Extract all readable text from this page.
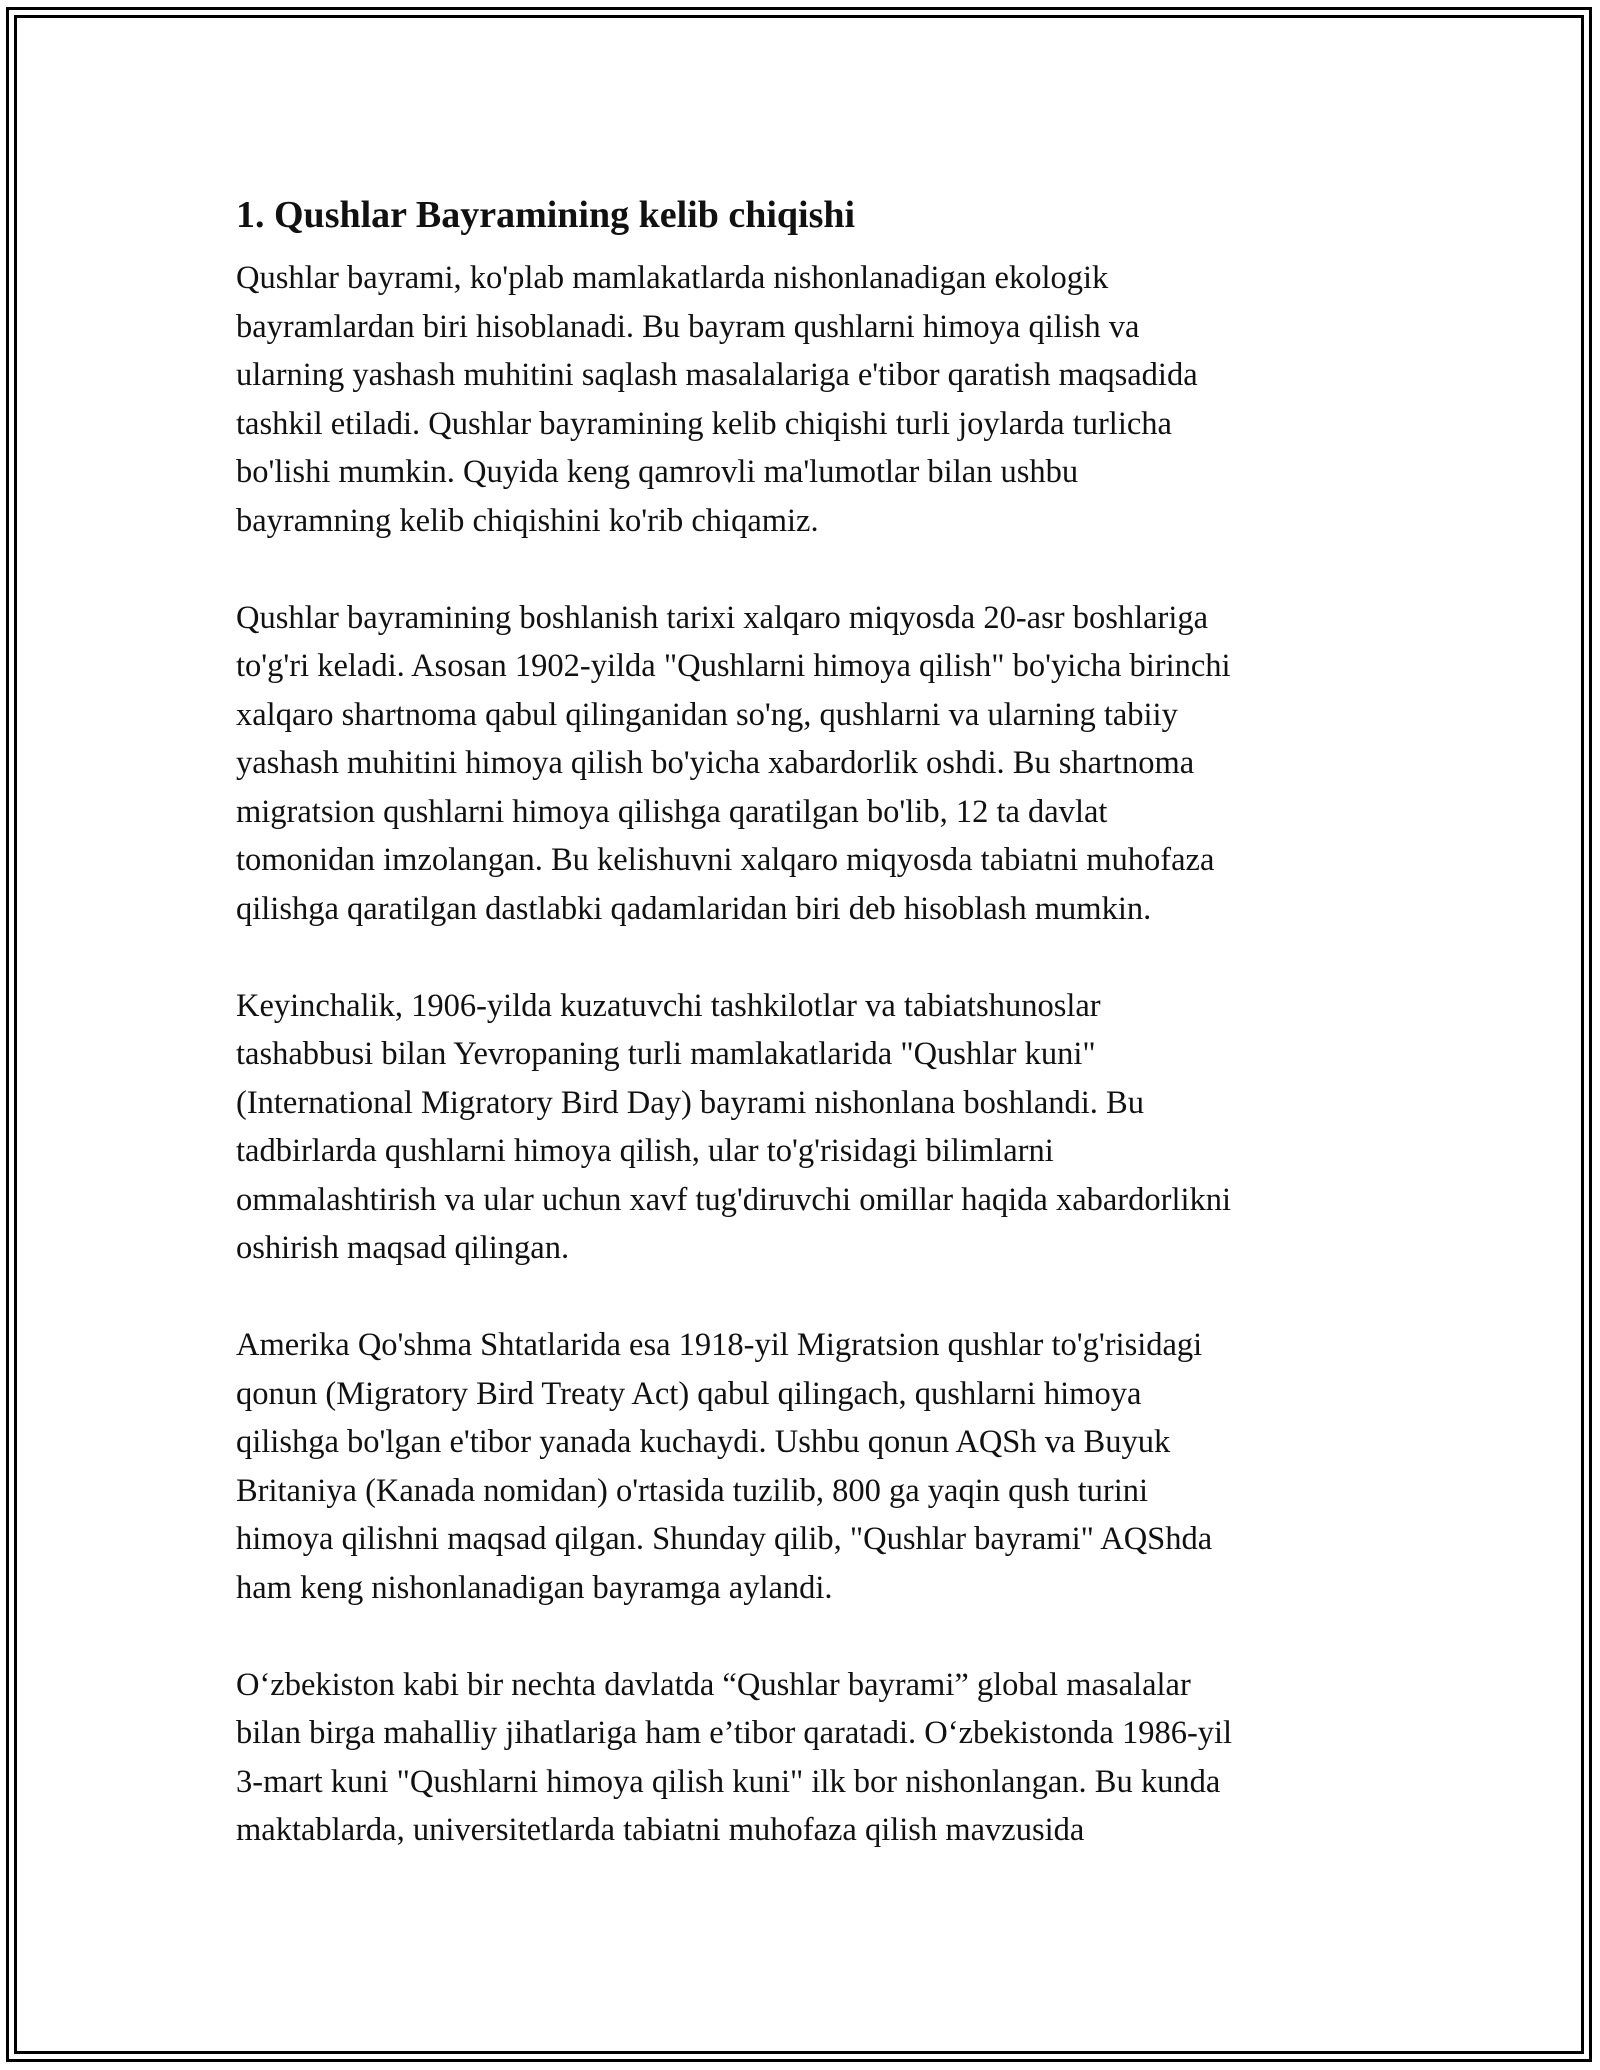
1. Qushlar Bayramining kelib chiqishi
Qushlar bayrami, ko'plab mamlakatlarda nishonlanadigan ekologik
bayramlardan biri hisoblanadi. Bu bayram qushlarni himoya qilish va
ularning yashash muhitini saqlash masalalariga e'tibor qaratish maqsadida
tashkil etiladi. Qushlar bayramining kelib chiqishi turli joylarda turlicha
bo'lishi mumkin. Quyida keng qamrovli ma'lumotlar bilan ushbu
bayramning kelib chiqishini ko'rib chiqamiz.
Qushlar bayramining boshlanish tarixi xalqaro miqyosda 20-asr boshlariga
to'g'ri keladi. Asosan 1902-yilda "Qushlarni himoya qilish" bo'yicha birinchi
xalqaro shartnoma qabul qilinganidan so'ng, qushlarni va ularning tabiiy
yashash muhitini himoya qilish bo'yicha xabardorlik oshdi. Bu shartnoma
migratsion qushlarni himoya qilishga qaratilgan bo'lib, 12 ta davlat
tomonidan imzolangan. Bu kelishuvni xalqaro miqyosda tabiatni muhofaza
qilishga qaratilgan dastlabki qadamlaridan biri deb hisoblash mumkin.
Keyinchalik, 1906-yilda kuzatuvchi tashkilotlar va tabiatshunoslar
tashabbusi bilan Yevropaning turli mamlakatlarida "Qushlar kuni"
(International Migratory Bird Day) bayrami nishonlana boshlandi. Bu
tadbirlarda qushlarni himoya qilish, ular to'g'risidagi bilimlarni
ommalashtirish va ular uchun xavf tug'diruvchi omillar haqida xabardorlikni
oshirish maqsad qilingan.
Amerika Qo'shma Shtatlarida esa 1918-yil Migratsion qushlar to'g'risidagi
qonun (Migratory Bird Treaty Act) qabul qilingach, qushlarni himoya
qilishga bo'lgan e'tibor yanada kuchaydi. Ushbu qonun AQSh va Buyuk
Britaniya (Kanada nomidan) o'rtasida tuzilib, 800 ga yaqin qush turini
himoya qilishni maqsad qilgan. Shunday qilib, "Qushlar bayrami" AQShda
ham keng nishonlanadigan bayramga aylandi.
O‘zbekiston kabi bir nechta davlatda “Qushlar bayrami” global masalalar
bilan birga mahalliy jihatlariga ham e’tibor qaratadi. O‘zbekistonda 1986-yil
3-mart kuni "Qushlarni himoya qilish kuni" ilk bor nishonlangan. Bu kunda
maktablarda, universitetlarda tabiatni muhofaza qilish mavzusida
